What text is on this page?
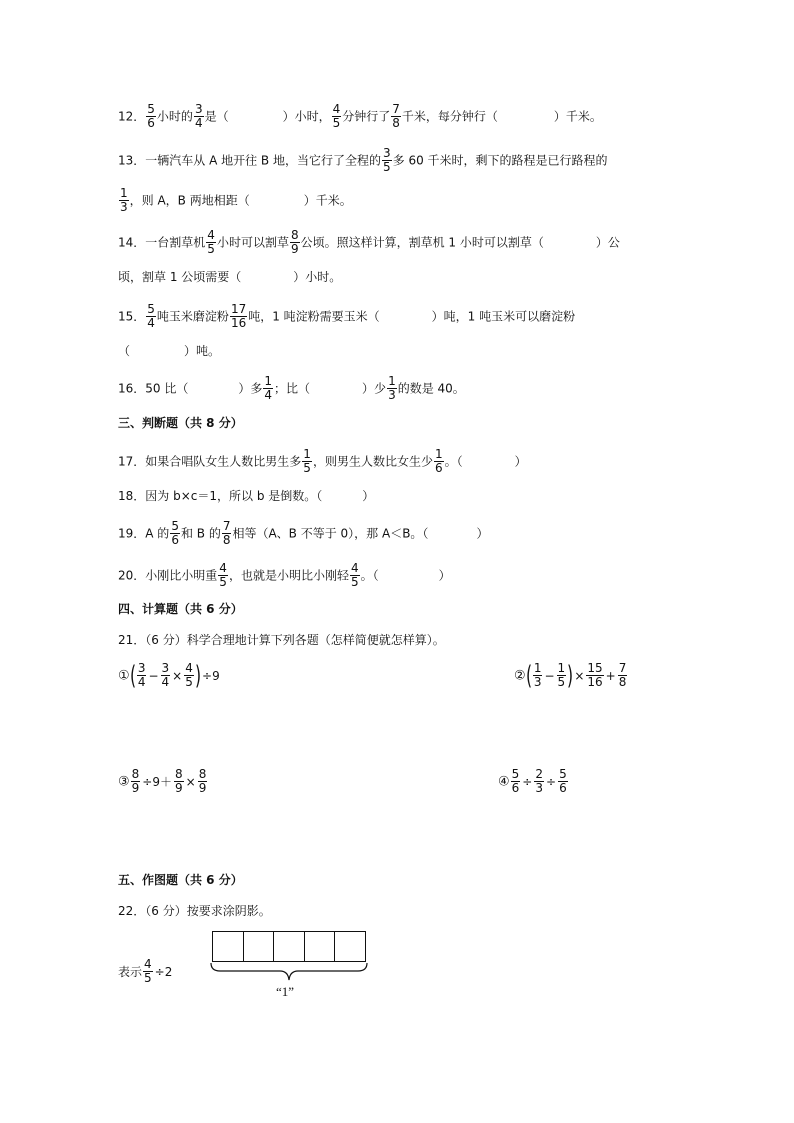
12． $\frac{5}{6}$ 小时的 $\frac{3}{4}$ 是（	）小时， $\frac{4}{5}$ 分钟行了 $\frac{7}{8}$ 千米，每分钟行（	）千米。
13．一辆汽车从 A 地开往 B 地，当它行了全程的 $\frac{3}{5}$ 多 60 千米时，剩下的路程是已行路程的
$\frac{1}{3}$ ，则 A，B 两地相距（	）千米。
14．一台割草机 $\frac{4}{5}$ 小时可以割草 $\frac{8}{9}$ 公顷。照这样计算，割草机 1 小时可以割草（	）公
顷，割草 1 公顷需要（	）小时。
15． $\frac{5}{4}$ 吨玉米磨淀粉 $\frac{17}{16}$ 吨，1 吨淀粉需要玉米（	）吨，1 吨玉米可以磨淀粉
（	）吨。
16．50 比（	）多 $\frac{1}{4}$ ；比（	）少 $\frac{1}{3}$ 的数是 40。
三、判断题（共 8 分）
17．如果合唱队女生人数比男生多 $\frac{1}{5}$ ，则男生人数比女生少 $\frac{1}{6}$ 。（	）
18．因为 b×c＝1，所以 b 是倒数。（	）
19．A 的 $\frac{5}{6}$ 和 B 的 $\frac{7}{8}$ 相等（A、B 不等于 0），那 A＜B。（	）
20．小刚比小明重 $\frac{4}{5}$ ，也就是小明比小刚轻 $\frac{4}{5}$ 。（	）
四、计算题（共 6 分）
21．（6 分）科学合理地计算下列各题（怎样简便就怎样算）。
①( $\frac{3}{4} - \frac{3}{4} \times \frac{4}{5} )\div 9$	②( $\frac{1}{3} - \frac{1}{5}$ )× $\frac{15}{16} + \frac{7}{8}$
③ $\frac{8}{9} \div 9+ \frac{8}{9} \times \frac{8}{9}$	④ $\frac{5}{6} \div \frac{2}{3} \div \frac{5}{6}$
五、作图题（共 6 分）
22．（6 分）按要求涂阴影。
表示 $\frac{4}{5} \div 2$
“1”
